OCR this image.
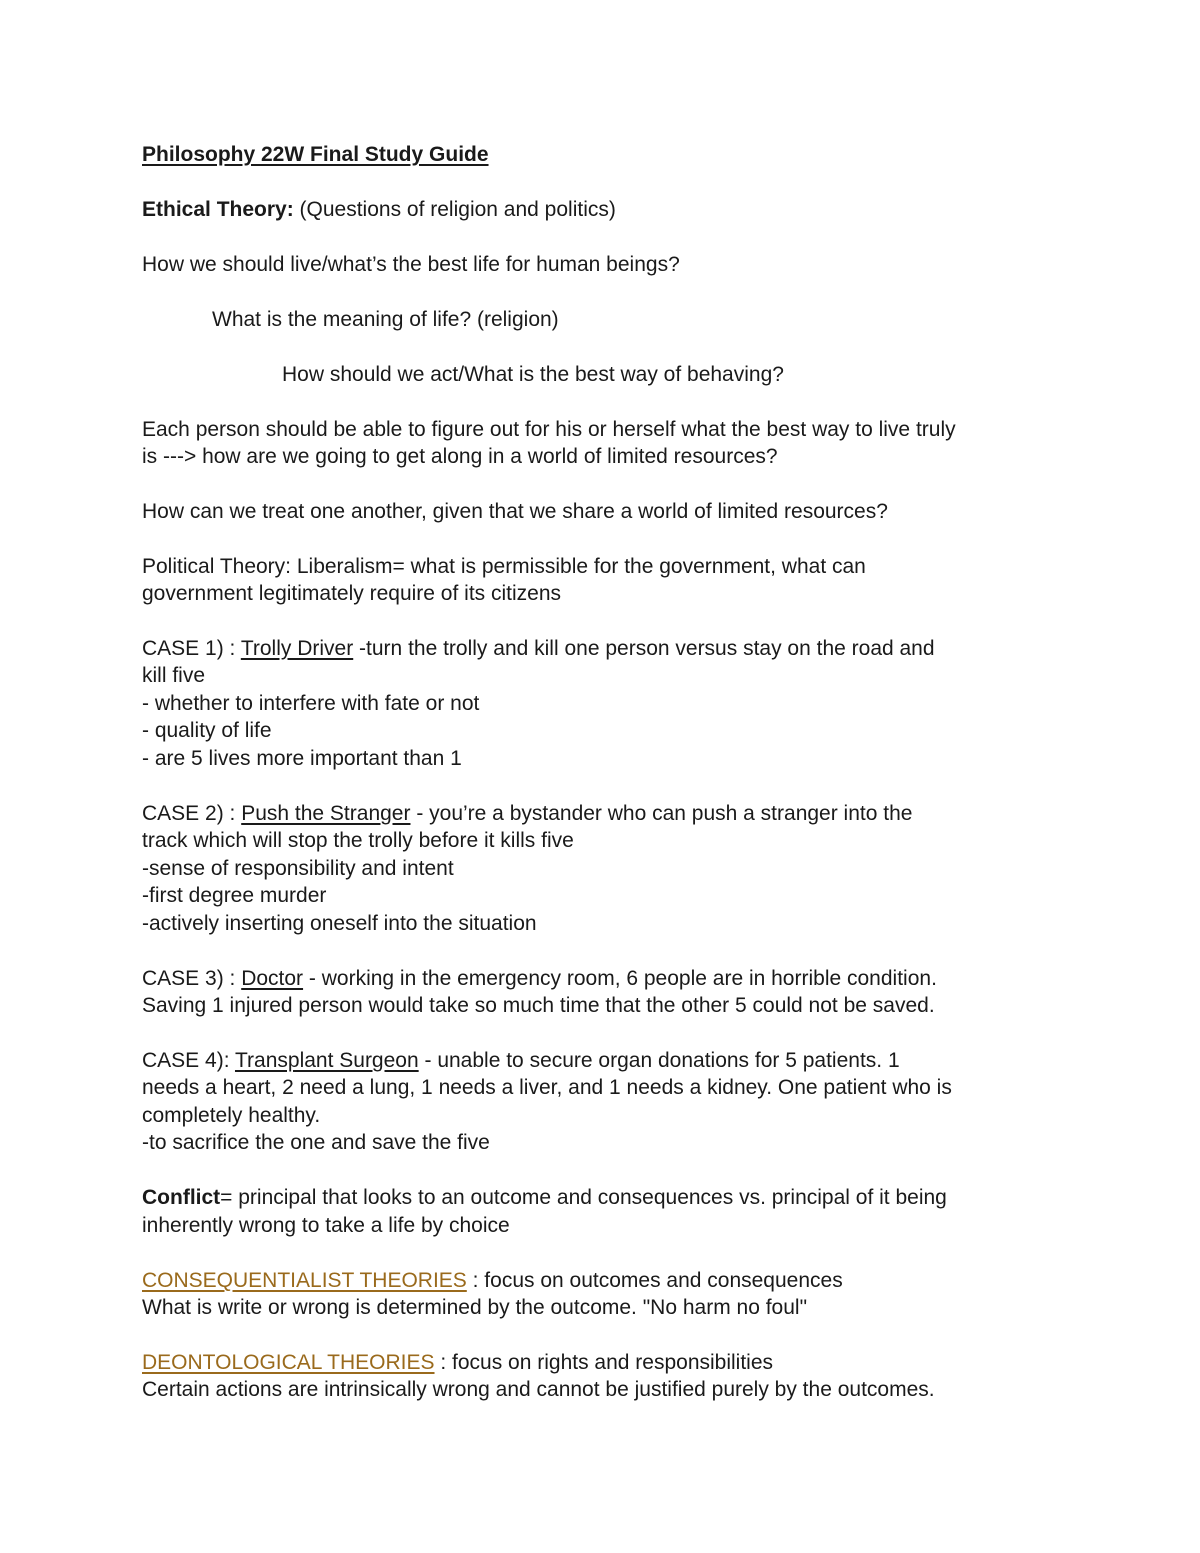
Philosophy 22W Final Study Guide
Ethical Theory: (Questions of religion and politics)
How we should live/what’s the best life for human beings?
What is the meaning of life? (religion)
How should we act/What is the best way of behaving?
Each person should be able to figure out for his or herself what the best way to live truly
is ---> how are we going to get along in a world of limited resources?
How can we treat one another, given that we share a world of limited resources?
Political Theory: Liberalism= what is permissible for the government, what can
government legitimately require of its citizens
CASE 1) : Trolly Driver -turn the trolly and kill one person versus stay on the road and
kill five
- whether to interfere with fate or not
- quality of life
- are 5 lives more important than 1
CASE 2) : Push the Stranger - you’re a bystander who can push a stranger into the
track which will stop the trolly before it kills five
-sense of responsibility and intent
-first degree murder
-actively inserting oneself into the situation
CASE 3) : Doctor - working in the emergency room, 6 people are in horrible condition.
Saving 1 injured person would take so much time that the other 5 could not be saved.
CASE 4): Transplant Surgeon - unable to secure organ donations for 5 patients. 1
needs a heart, 2 need a lung, 1 needs a liver, and 1 needs a kidney. One patient who is
completely healthy.
-to sacrifice the one and save the five
Conflict= principal that looks to an outcome and consequences vs. principal of it being
inherently wrong to take a life by choice
CONSEQUENTIALIST THEORIES : focus on outcomes and consequences
What is write or wrong is determined by the outcome. "No harm no foul"
DEONTOLOGICAL THEORIES : focus on rights and responsibilities
Certain actions are intrinsically wrong and cannot be justified purely by the outcomes.
